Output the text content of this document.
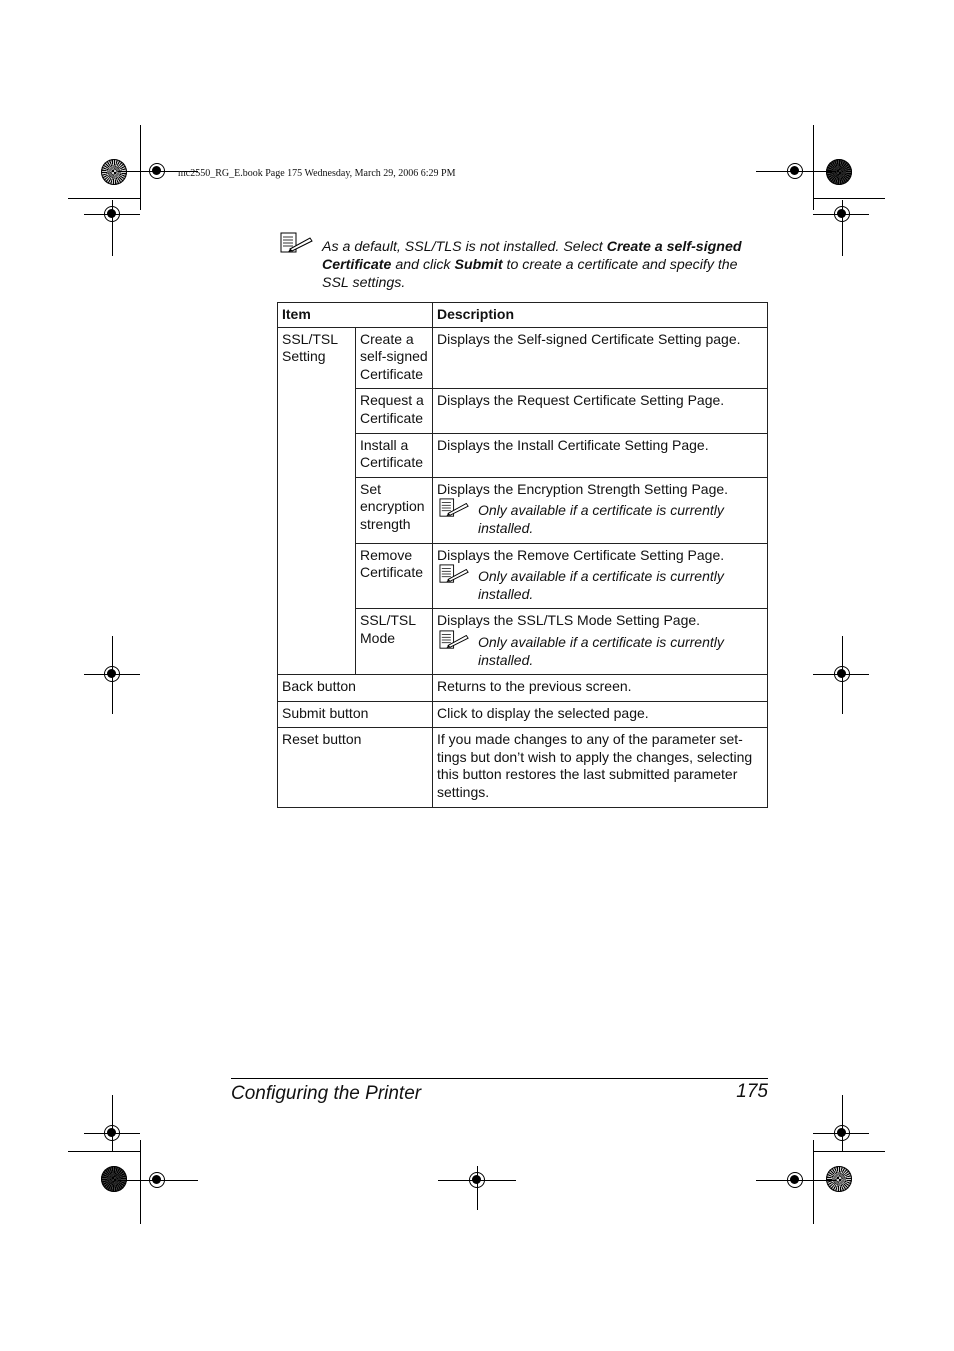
mc2550_RG_E.book Page 175 Wednesday, March 29, 2006 6:29 PM
As a default, SSL/TLS is not installed. Select Create a self-signed Certificate and click Submit to create a certificate and specify the SSL settings.
Item		Description
SSL/TSL Setting	Create a self-signed Certificate	Displays the Self-signed Certificate Setting page.
	Request a Certificate	Displays the Request Certificate Setting Page.
	Install a Certificate	Displays the Install Certificate Setting Page.
	Set encryption strength	Displays the Encryption Strength Setting Page.
Only available if a certificate is currently installed.

	Remove Certificate	Displays the Remove Certificate Setting Page.
Only available if a certificate is currently installed.

	SSL/TSL Mode	Displays the SSL/TLS Mode Setting Page.
Only available if a certificate is currently installed.

Back button		Returns to the previous screen.
Submit button		Click to display the selected page.
Reset button		If you made changes to any of the parameter set-tings but don’t wish to apply the changes, selecting this button restores the last submitted parameter settings.
Configuring the Printer	175
